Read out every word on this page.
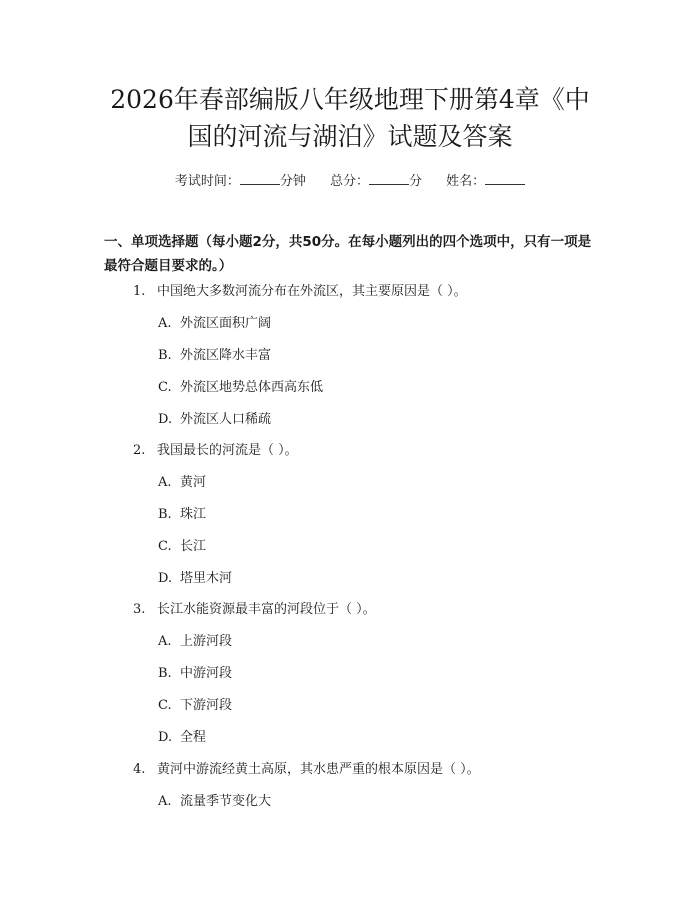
2026年春部编版八年级地理下册第4章《中
国的河流与湖泊》试题及答案
考试时间：	分钟 总分：	分 姓名：

一、单项选择题（每小题2分，共50分。在每小题列出的四个选项中，只有一项是最符合题目要求的。）

1. 中国绝大多数河流分布在外流区，其主要原因是（ ）。
A. 外流区面积广阔
B. 外流区降水丰富
C. 外流区地势总体西高东低
D. 外流区人口稀疏
2. 我国最长的河流是（ ）。
A. 黄河
B. 珠江
C. 长江
D. 塔里木河
3. 长江水能资源最丰富的河段位于（ ）。
A. 上游河段
B. 中游河段
C. 下游河段
D. 全程
4. 黄河中游流经黄土高原，其水患严重的根本原因是（ ）。
A. 流量季节变化大
